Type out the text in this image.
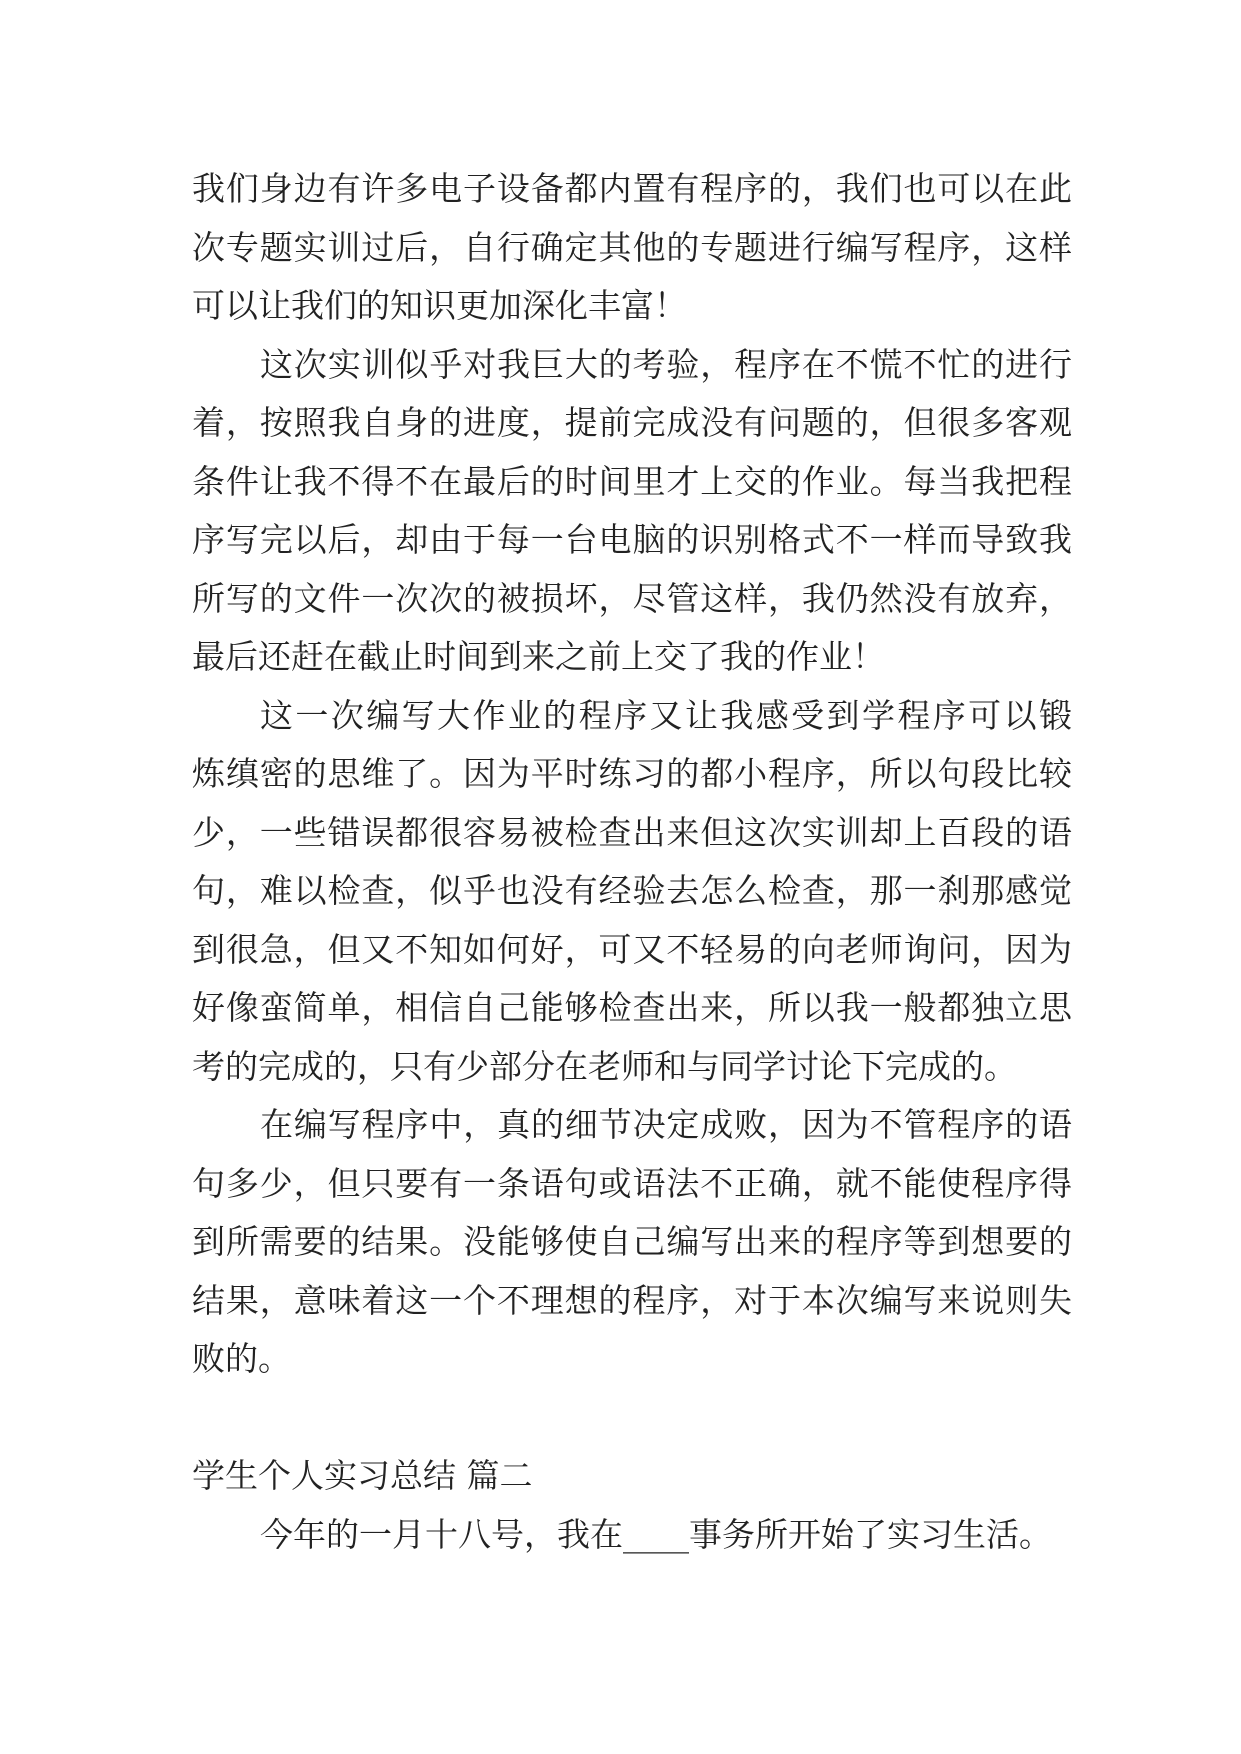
我们身边有许多电子设备都内置有程序的，我们也可以在此
次专题实训过后，自行确定其他的专题进行编写程序，这样
可以让我们的知识更加深化丰富！
这次实训似乎对我巨大的考验，程序在不慌不忙的进行
着，按照我自身的进度，提前完成没有问题的，但很多客观
条件让我不得不在最后的时间里才上交的作业。每当我把程
序写完以后，却由于每一台电脑的识别格式不一样而导致我
所写的文件一次次的被损坏，尽管这样，我仍然没有放弃，
最后还赶在截止时间到来之前上交了我的作业！
这一次编写大作业的程序又让我感受到学程序可以锻
炼缜密的思维了。因为平时练习的都小程序，所以句段比较
少，一些错误都很容易被检查出来但这次实训却上百段的语
句，难以检查，似乎也没有经验去怎么检查，那一刹那感觉
到很急，但又不知如何好，可又不轻易的向老师询问，因为
好像蛮简单，相信自己能够检查出来，所以我一般都独立思
考的完成的，只有少部分在老师和与同学讨论下完成的。
在编写程序中，真的细节决定成败，因为不管程序的语
句多少，但只要有一条语句或语法不正确，就不能使程序得
到所需要的结果。没能够使自己编写出来的程序等到想要的
结果，意味着这一个不理想的程序，对于本次编写来说则失
败的。
学生个人实习总结 篇二
今年的一月十八号，我在____事务所开始了实习生活。
